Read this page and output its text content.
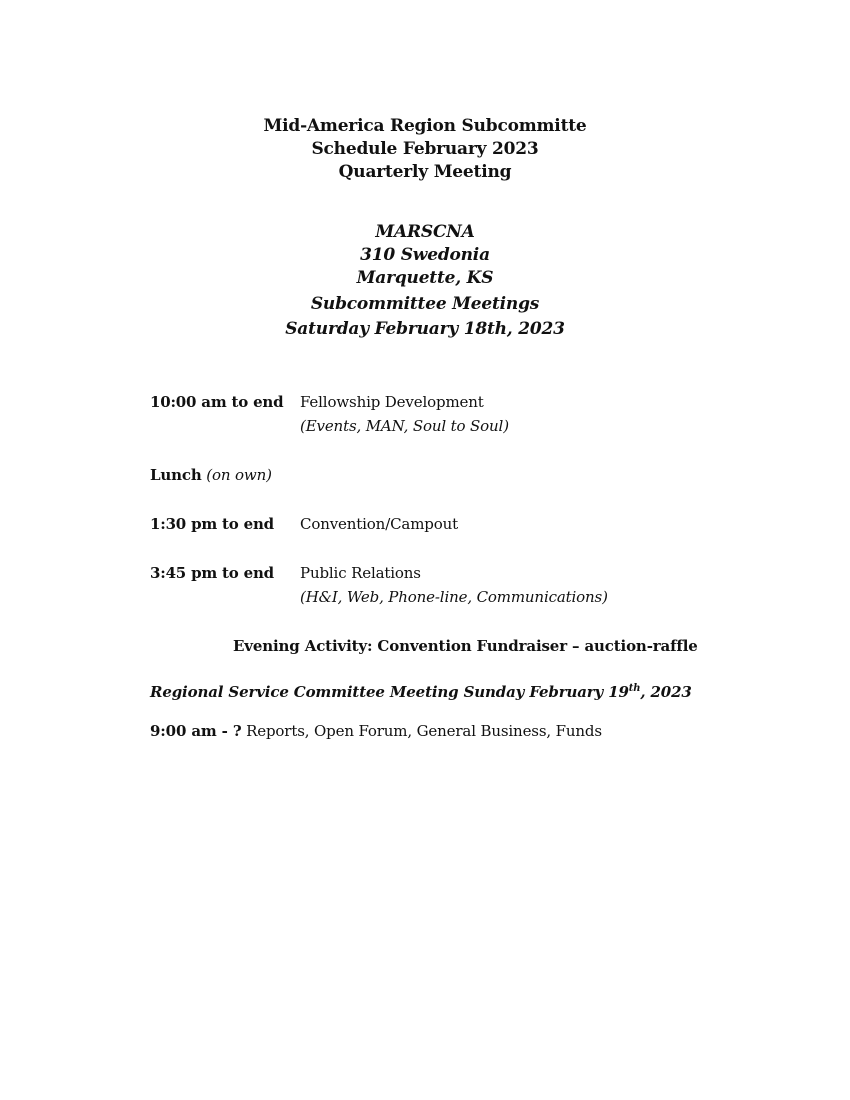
Mid-America Region Subcommitte
Schedule February 2023
Quarterly Meeting
MARSCNA
310 Swedonia
Marquette, KS
Subcommittee Meetings
Saturday February 18th, 2023
10:00 am to end Fellowship Development
(Events, MAN, Soul to Soul)
Lunch (on own)
1:30 pm to end Convention/Campout
3:45 pm to end Public Relations
(H&I, Web, Phone-line, Communications)
Evening Activity: Convention Fundraiser – auction-raffle
Regional Service Committee Meeting Sunday February 19th, 2023
9:00 am - ? Reports, Open Forum, General Business, Funds
